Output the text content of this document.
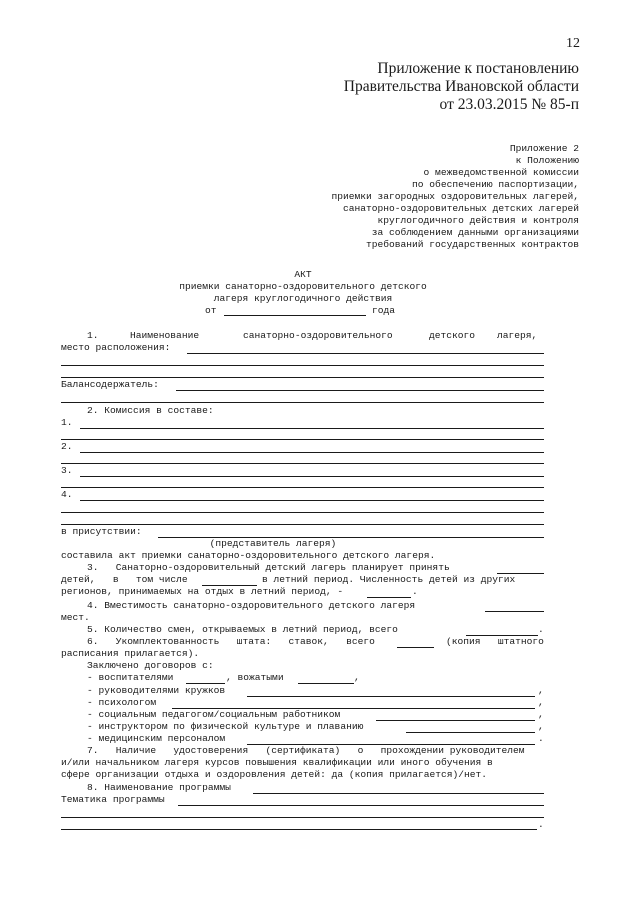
12
Приложение к постановлению
Правительства Ивановской области
от 23.03.2015 № 85-п
Приложение 2
к Положению
о межведомственной комиссии
по обеспечению паспортизации,
приемки загородных оздоровительных лагерей,
санаторно-оздоровительных детских лагерей
круглогодичного действия и контроля
за соблюдением данными организациями
требований государственных контрактов
АКТ
приемки санаторно-оздоровительного детского
лагеря круглогодичного действия
от	года
1.	Наименование	санаторно-оздоровительного	детского лагеря,
место расположения:
Балансодержатель:
2. Комиссия в составе:
1.
2.
3.
4.
в присутствии:
(представитель лагеря)
составила акт приемки санаторно-оздоровительного детского лагеря.
3.   Санаторно-оздоровительный детский лагерь планирует принять
детей,   в   том числе	в летний период. Численность детей из других
регионов, принимаемых на отдых в летний период, -	.
4. Вместимость санаторно-оздоровительного детского лагеря
мест.
5. Количество смен, открываемых в летний период, всего	.
6.   Укомплектованность   штата:   ставок,   всего	(копия   штатного
расписания прилагается).
Заключено договоров с:
- воспитателями	, вожатыми	,
- руководителями кружков	,
- психологом	,
- социальным педагогом/социальным работником	,
- инструктором по физической культуре и плаванию	,
- медицинским персоналом	.
7.   Наличие   удостоверения   (сертификата)   о   прохождении руководителем
и/или начальником лагеря курсов повышения квалификации или иного обучения в
сфере организации отдыха и оздоровления детей: да (копия прилагается)/нет.
8. Наименование программы
Тематика программы
.
